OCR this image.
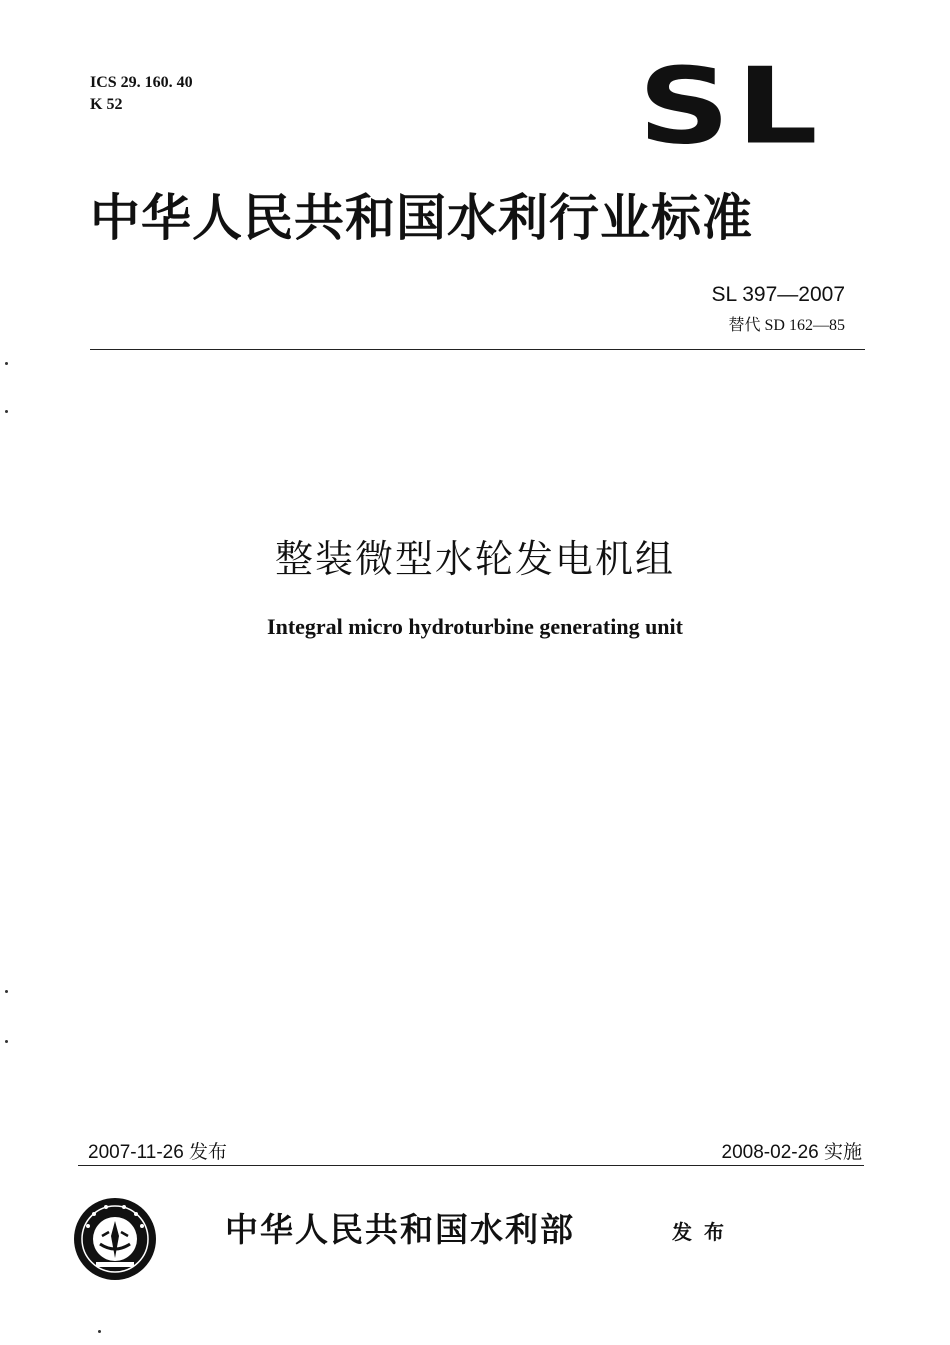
ICS 29. 160. 40
K 52	SL
中华人民共和国水利行业标准
SL 397—2007
替代 SD 162—85
整装微型水轮发电机组
Integral micro hydroturbine generating unit
2007-11-26 发布	2008-02-26 实施
中华人民共和国水利部	发布
